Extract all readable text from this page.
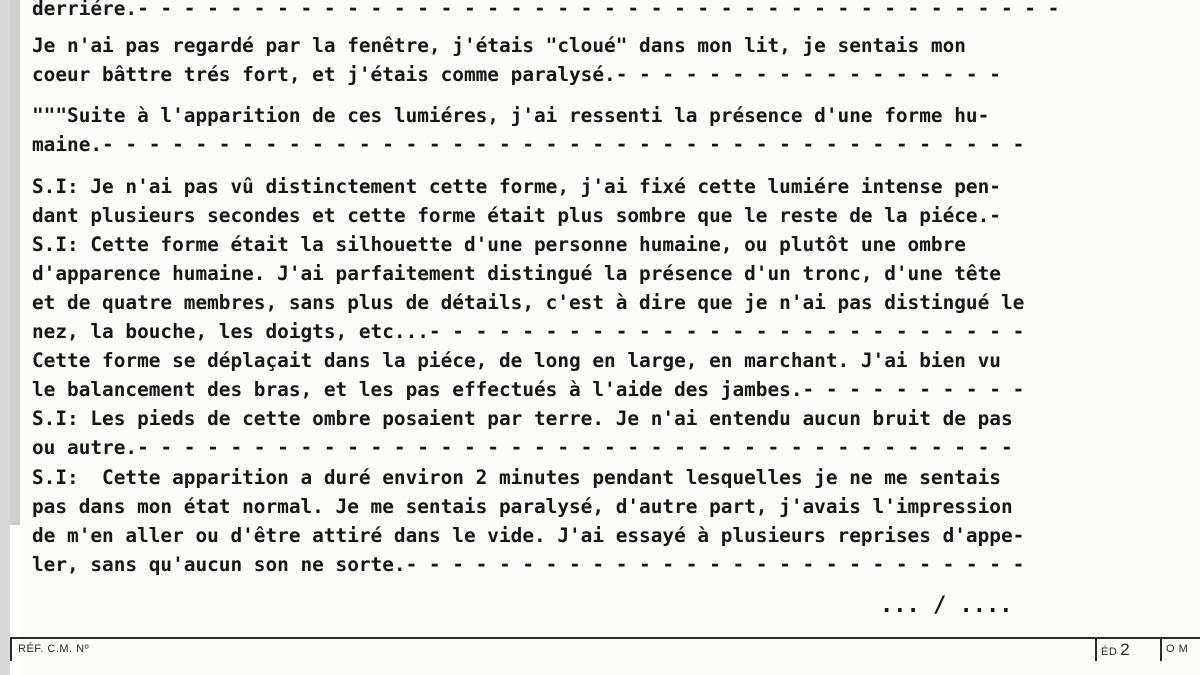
derriére.- - - - - - - - - - - - - - - - - - - - - - - - - - - - - - - - - - - - - - - -

Je n'ai pas regardé par la fenêtre, j'étais "cloué" dans mon lit, je sentais mon

coeur bâttre trés fort, et j'étais comme paralysé.- - - - - - - - - - - - - - - - -

"""Suite à l'apparition de ces lumiéres, j'ai ressenti la présence d'une forme hu-

maine.- - - - - - - - - - - - - - - - - - - - - - - - - - - - - - - - - - - - - - - -

S.I: Je n'ai pas vû distinctement cette forme, j'ai fixé cette lumiére intense pen-

dant plusieurs secondes et cette forme était plus sombre que le reste de la piéce.-

S.I: Cette forme était la silhouette d'une personne humaine, ou plutôt une ombre

d'apparence humaine. J'ai parfaitement distingué la présence d'un tronc, d'une tête

et de quatre membres, sans plus de détails, c'est à dire que je n'ai pas distingué le

nez, la bouche, les doigts, etc...- - - - - - - - - - - - - - - - - - - - - - - - - -

Cette forme se déplaçait dans la piéce, de long en large, en marchant. J'ai bien vu

le balancement des bras, et les pas effectués à l'aide des jambes.- - - - - - - - - -

S.I: Les pieds de cette ombre posaient par terre. Je n'ai entendu aucun bruit de pas

ou autre.- - - - - - - - - - - - - - - - - - - - - - - - - - - - - - - - - - - - - -

S.I:  Cette apparition a duré environ 2 minutes pendant lesquelles je ne me sentais

pas dans mon état normal. Je me sentais paralysé, d'autre part, j'avais l'impression

de m'en aller ou d'être attiré dans le vide. J'ai essayé à plusieurs reprises d'appe-

ler, sans qu'aucun son ne sorte.- - - - - - - - - - - - - - - - - - - - - - - - - - -

... / ....

RÉF. C.M. Nº	ÉD 2	O M
